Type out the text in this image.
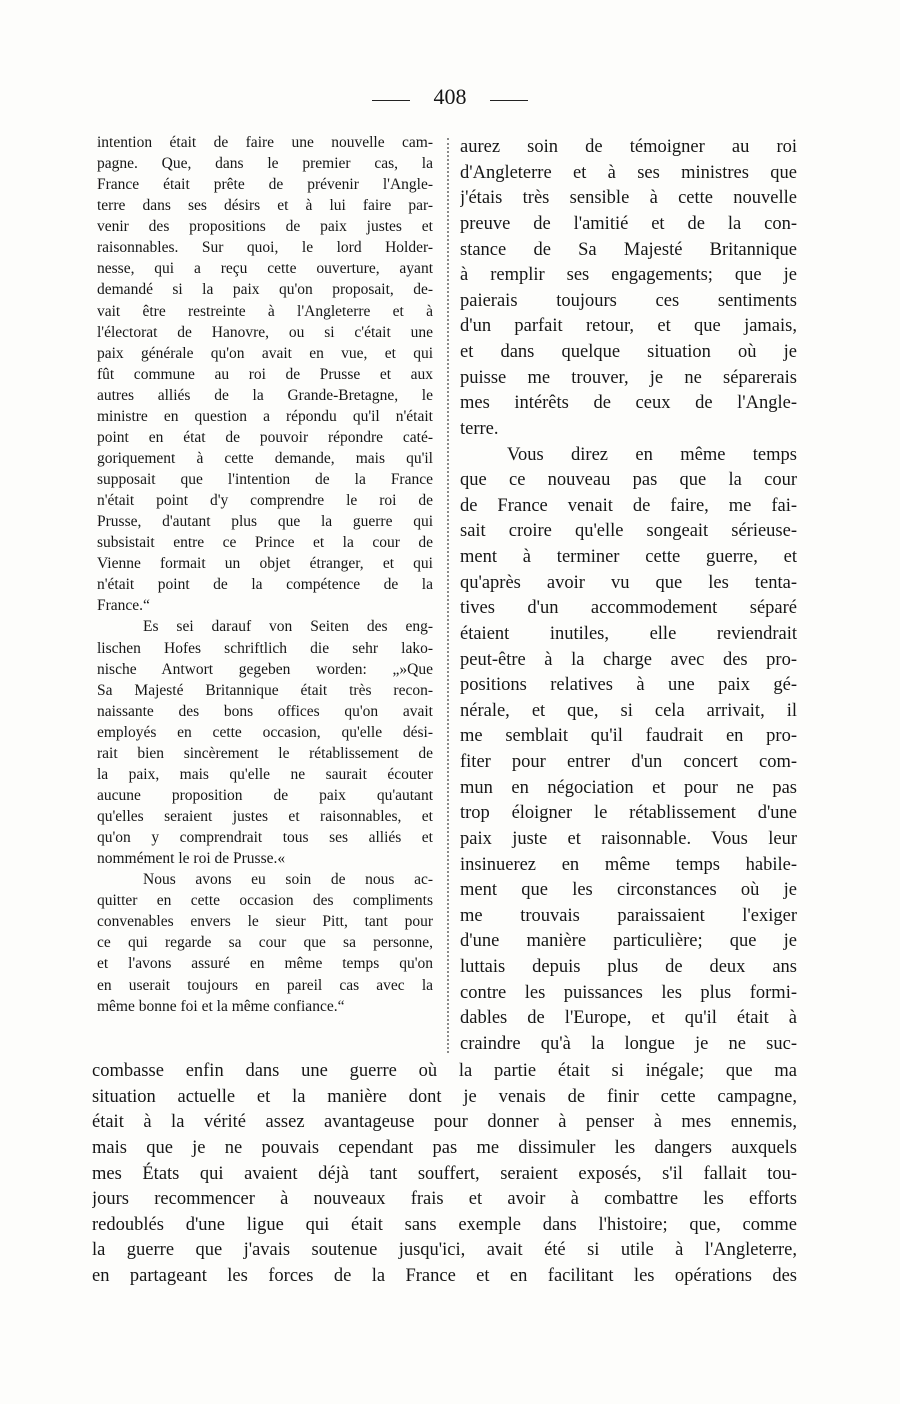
408
intention était de faire une nouvelle cam-
pagne. Que, dans le premier cas, la
France était prête de prévenir l'Angle-
terre dans ses désirs et à lui faire par-
venir des propositions de paix justes et
raisonnables. Sur quoi, le lord Holder-
nesse, qui a reçu cette ouverture, ayant
demandé si la paix qu'on proposait, de-
vait être restreinte à l'Angleterre et à
l'électorat de Hanovre, ou si c'était une
paix générale qu'on avait en vue, et qui
fût commune au roi de Prusse et aux
autres alliés de la Grande-Bretagne, le
ministre en question a répondu qu'il n'était
point en état de pouvoir répondre caté-
goriquement à cette demande, mais qu'il
supposait que l'intention de la France
n'était point d'y comprendre le roi de
Prusse, d'autant plus que la guerre qui
subsistait entre ce Prince et la cour de
Vienne formait un objet étranger, et qui
n'était point de la compétence de la
France.“
Es sei darauf von Seiten des eng-
lischen Hofes schriftlich die sehr lako-
nische Antwort gegeben worden: „»Que
Sa Majesté Britannique était très recon-
naissante des bons offices qu'on avait
employés en cette occasion, qu'elle dési-
rait bien sincèrement le rétablissement de
la paix, mais qu'elle ne saurait écouter
aucune proposition de paix qu'autant
qu'elles seraient justes et raisonnables, et
qu'on y comprendrait tous ses alliés et
nommément le roi de Prusse.«
Nous avons eu soin de nous ac-
quitter en cette occasion des compliments
convenables envers le sieur Pitt, tant pour
ce qui regarde sa cour que sa personne,
et l'avons assuré en même temps qu'on
en userait toujours en pareil cas avec la
même bonne foi et la même confiance.“
aurez soin de témoigner au roi
d'Angleterre et à ses ministres que
j'étais très sensible à cette nouvelle
preuve de l'amitié et de la con-
stance de Sa Majesté Britannique
à remplir ses engagements; que je
paierais toujours ces sentiments
d'un parfait retour, et que jamais,
et dans quelque situation où je
puisse me trouver, je ne séparerais
mes intérêts de ceux de l'Angle-
terre.
Vous direz en même temps
que ce nouveau pas que la cour
de France venait de faire, me fai-
sait croire qu'elle songeait sérieuse-
ment à terminer cette guerre, et
qu'après avoir vu que les tenta-
tives d'un accommodement séparé
étaient inutiles, elle reviendrait
peut-être à la charge avec des pro-
positions relatives à une paix gé-
nérale, et que, si cela arrivait, il
me semblait qu'il faudrait en pro-
fiter pour entrer d'un concert com-
mun en négociation et pour ne pas
trop éloigner le rétablissement d'une
paix juste et raisonnable. Vous leur
insinuerez en même temps habile-
ment que les circonstances où je
me trouvais paraissaient l'exiger
d'une manière particulière; que je
luttais depuis plus de deux ans
contre les puissances les plus formi-
dables de l'Europe, et qu'il était à
craindre qu'à la longue je ne suc-
combasse enfin dans une guerre où la partie était si inégale; que ma
situation actuelle et la manière dont je venais de finir cette campagne,
était à la vérité assez avantageuse pour donner à penser à mes ennemis,
mais que je ne pouvais cependant pas me dissimuler les dangers auxquels
mes États qui avaient déjà tant souffert, seraient exposés, s'il fallait tou-
jours recommencer à nouveaux frais et avoir à combattre les efforts
redoublés d'une ligue qui était sans exemple dans l'histoire; que, comme
la guerre que j'avais soutenue jusqu'ici, avait été si utile à l'Angleterre,
en partageant les forces de la France et en facilitant les opérations des
